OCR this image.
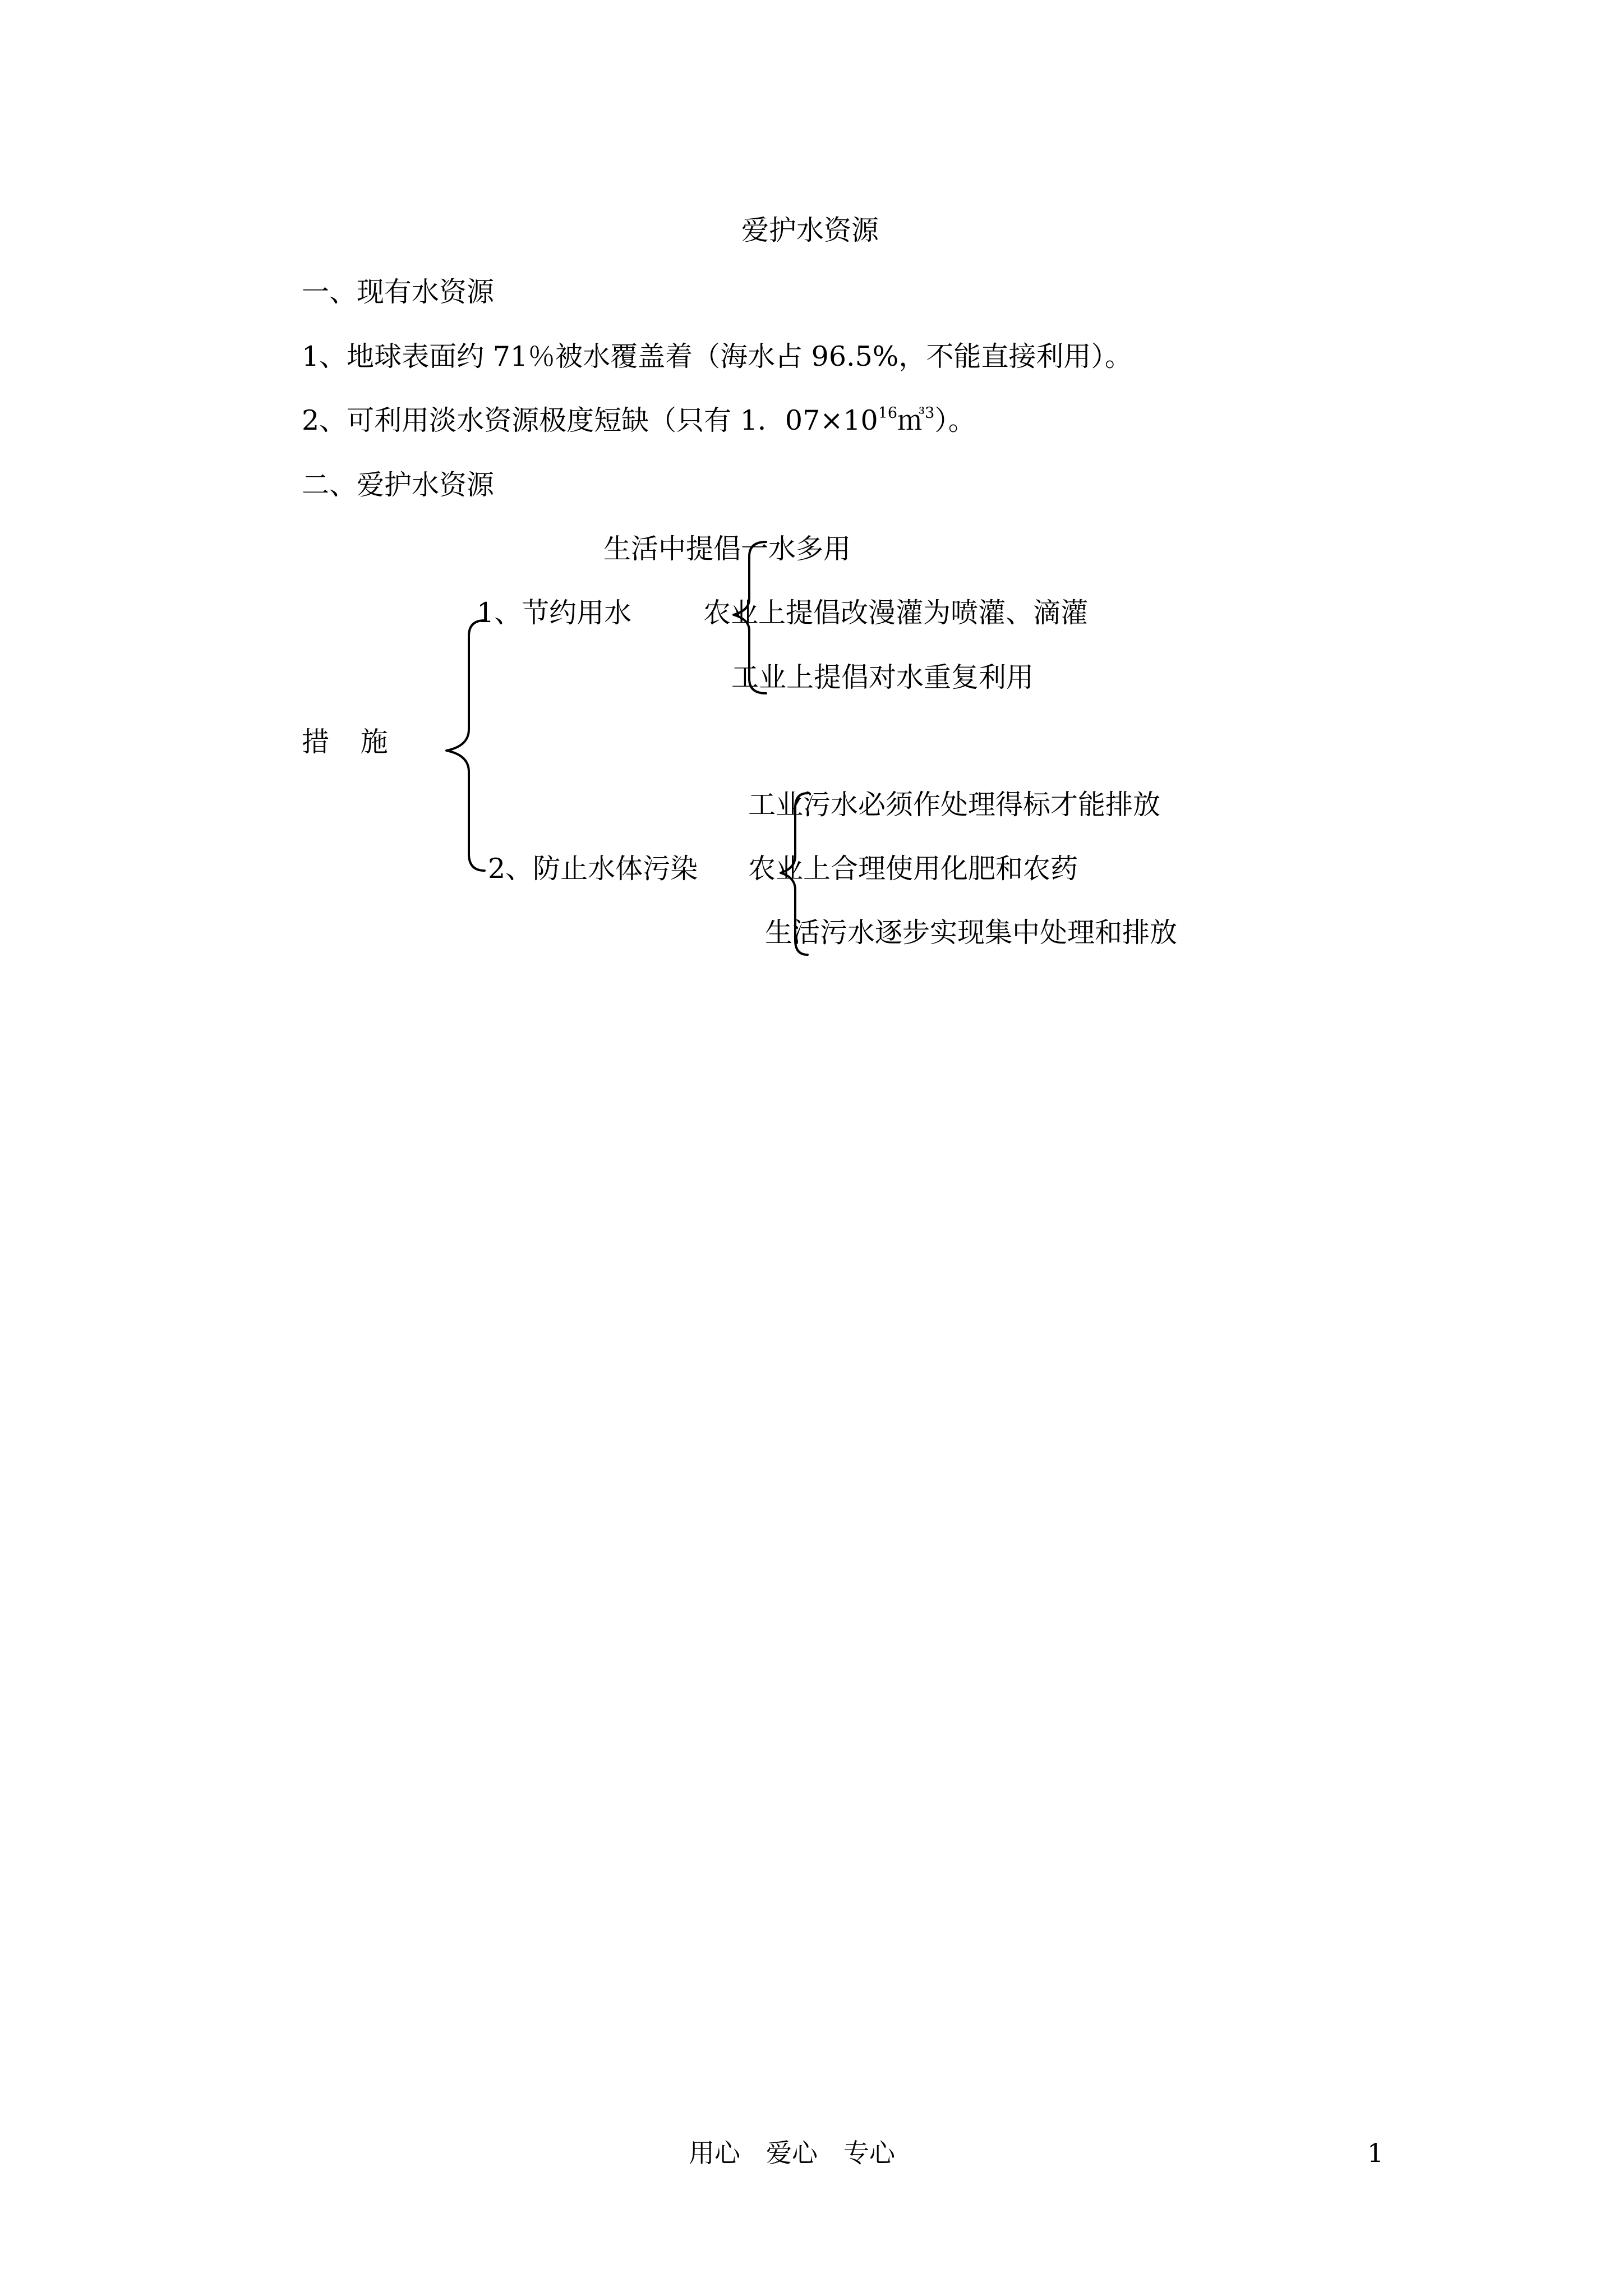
爱护水资源
一、现有水资源
1、地球表面约 71％被水覆盖着（海水占 96.5%，不能直接利用）。
2、可利用淡水资源极度短缺（只有 1．$07\times 10^{16}㎥^3$）。
二、爱护水资源
生活中提倡一水多用
1、节约用水	农业上提倡改漫灌为喷灌、滴灌
工业上提倡对水重复利用
措 施
工业污水必须作处理得标才能排放
2、防止水体污染 农业上合理使用化肥和农药
生活污水逐步实现集中处理和排放
用心　爱心　专心	1
